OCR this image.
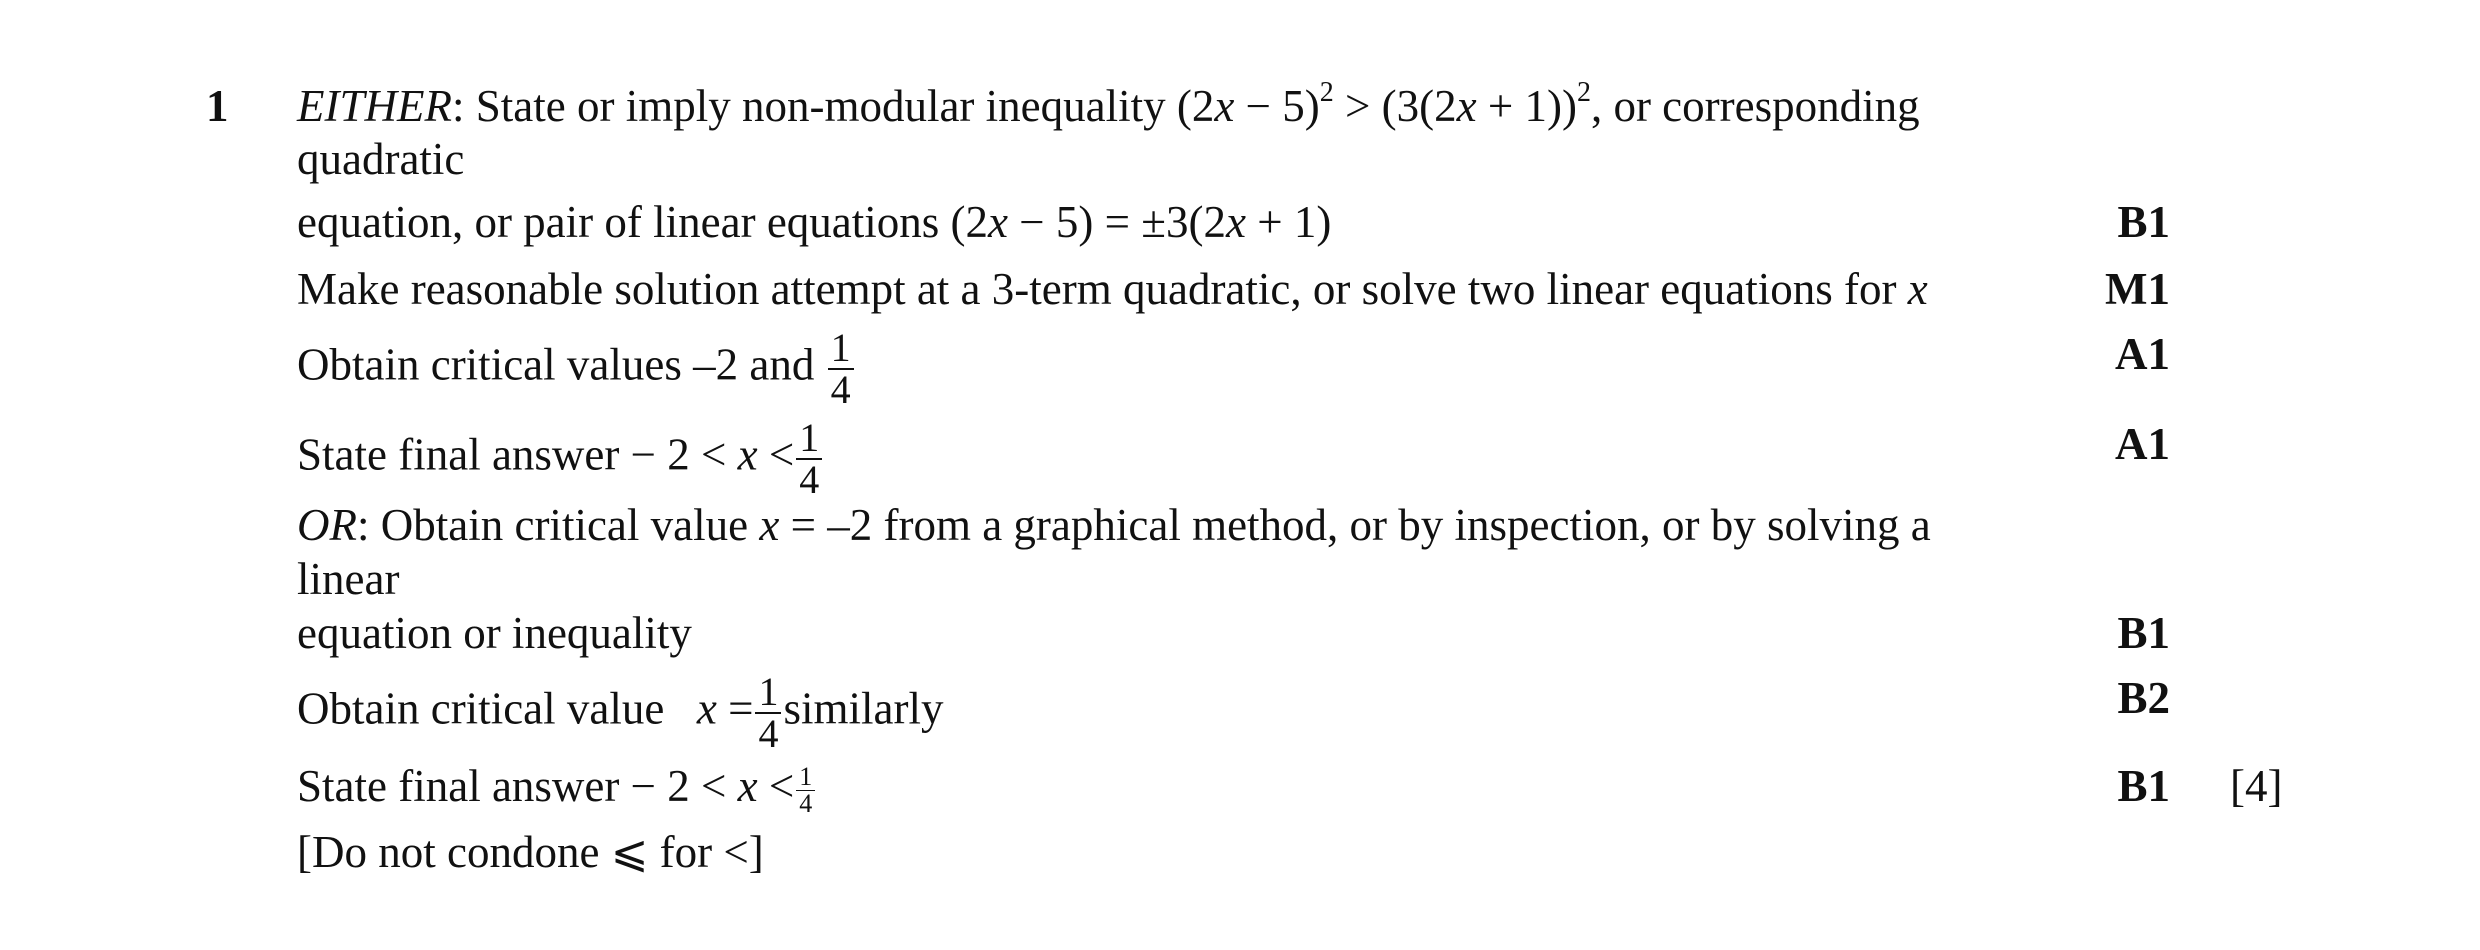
1 EITHER: State or imply non-modular inequality $(2x - 5)^2 > (3(2x + 1))^2$, or corresponding
quadratic
equation, or pair of linear equations (2x − 5) = ±3(2x + 1)	B1
Make reasonable solution attempt at a 3-term quadratic, or solve two linear equations for x	M1
Obtain critical values –2 and $\frac{1}{4}$	A1
State final answer − $2 < x < \frac{1}{4}$	A1
OR: Obtain critical value x = –2 from a graphical method, or by inspection, or by solving a
linear
equation or inequality	B1
Obtain critical value $x = \frac{1}{4}$ similarly	B2
State final answer − $2 < x < \frac{1}{4}$	B1 [4]
[Do not condone ⩽ for <]
